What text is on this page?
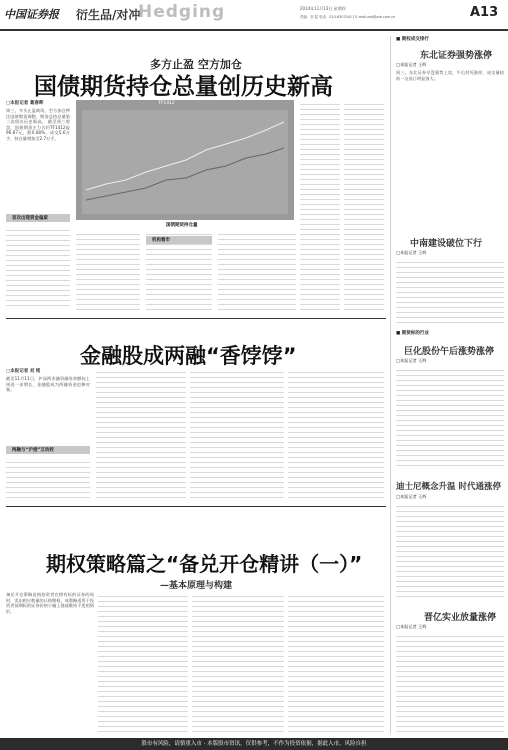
中国证券报 衍生品/对冲
Hedging	2014年11月13日 星期四
责编：刘 铭 电话：010-63070411 E-mail:zzb@zzb.com.cn	A13
多方止盈 空方加仓
国债期货持仓总量创历史新高
□本报记者 葛春晖
周三，多头止盈离场，空方加仓押注国债期货调整，期货总持仓量第二次创出历史新高。 截至周三收盘，国债期货主力合约TF1412报96.87元，跌0.08%，成交5.6万手，持仓量增加至2.7万手。
首次出现资金偏紧
TF1412
国债期货持仓量
机构看市
金融股成两融“香饽饽”
□本报记者 刘 铭
截至11月11日，沪深两市融资融券余额较上周进一步增长，金融股成为两融资金追捧对象。
两融与“沪港”互动较
期权策略篇之“备兑开仓精讲（一）”
—基本原理与构建
备兑开仓策略是指投资者在拥有标的证券的同时，卖出相应数量的认购期权。该策略适用于投资者预期标的证券价格小幅上涨或维持不变的情形。
■ 期权成交排行
东北证券强势涨停
□本报记者 王辉
周三，东北证券早盘强势上攻，午后封死涨停，成交量较前一交易日明显放大。
中南建设破位下行
□本报记者 王辉
■ 期货标的行业
巨化股份午后涨势涨停
□本报记者 王辉
迪士尼概念升温 时代通涨停
□本报记者 王辉
晋亿实业放量涨停
□本报记者 王辉
股市有风险，请慎重入市 · 本版股市资讯，仅供参考，不作为投资依据，据此入市，风险自担
